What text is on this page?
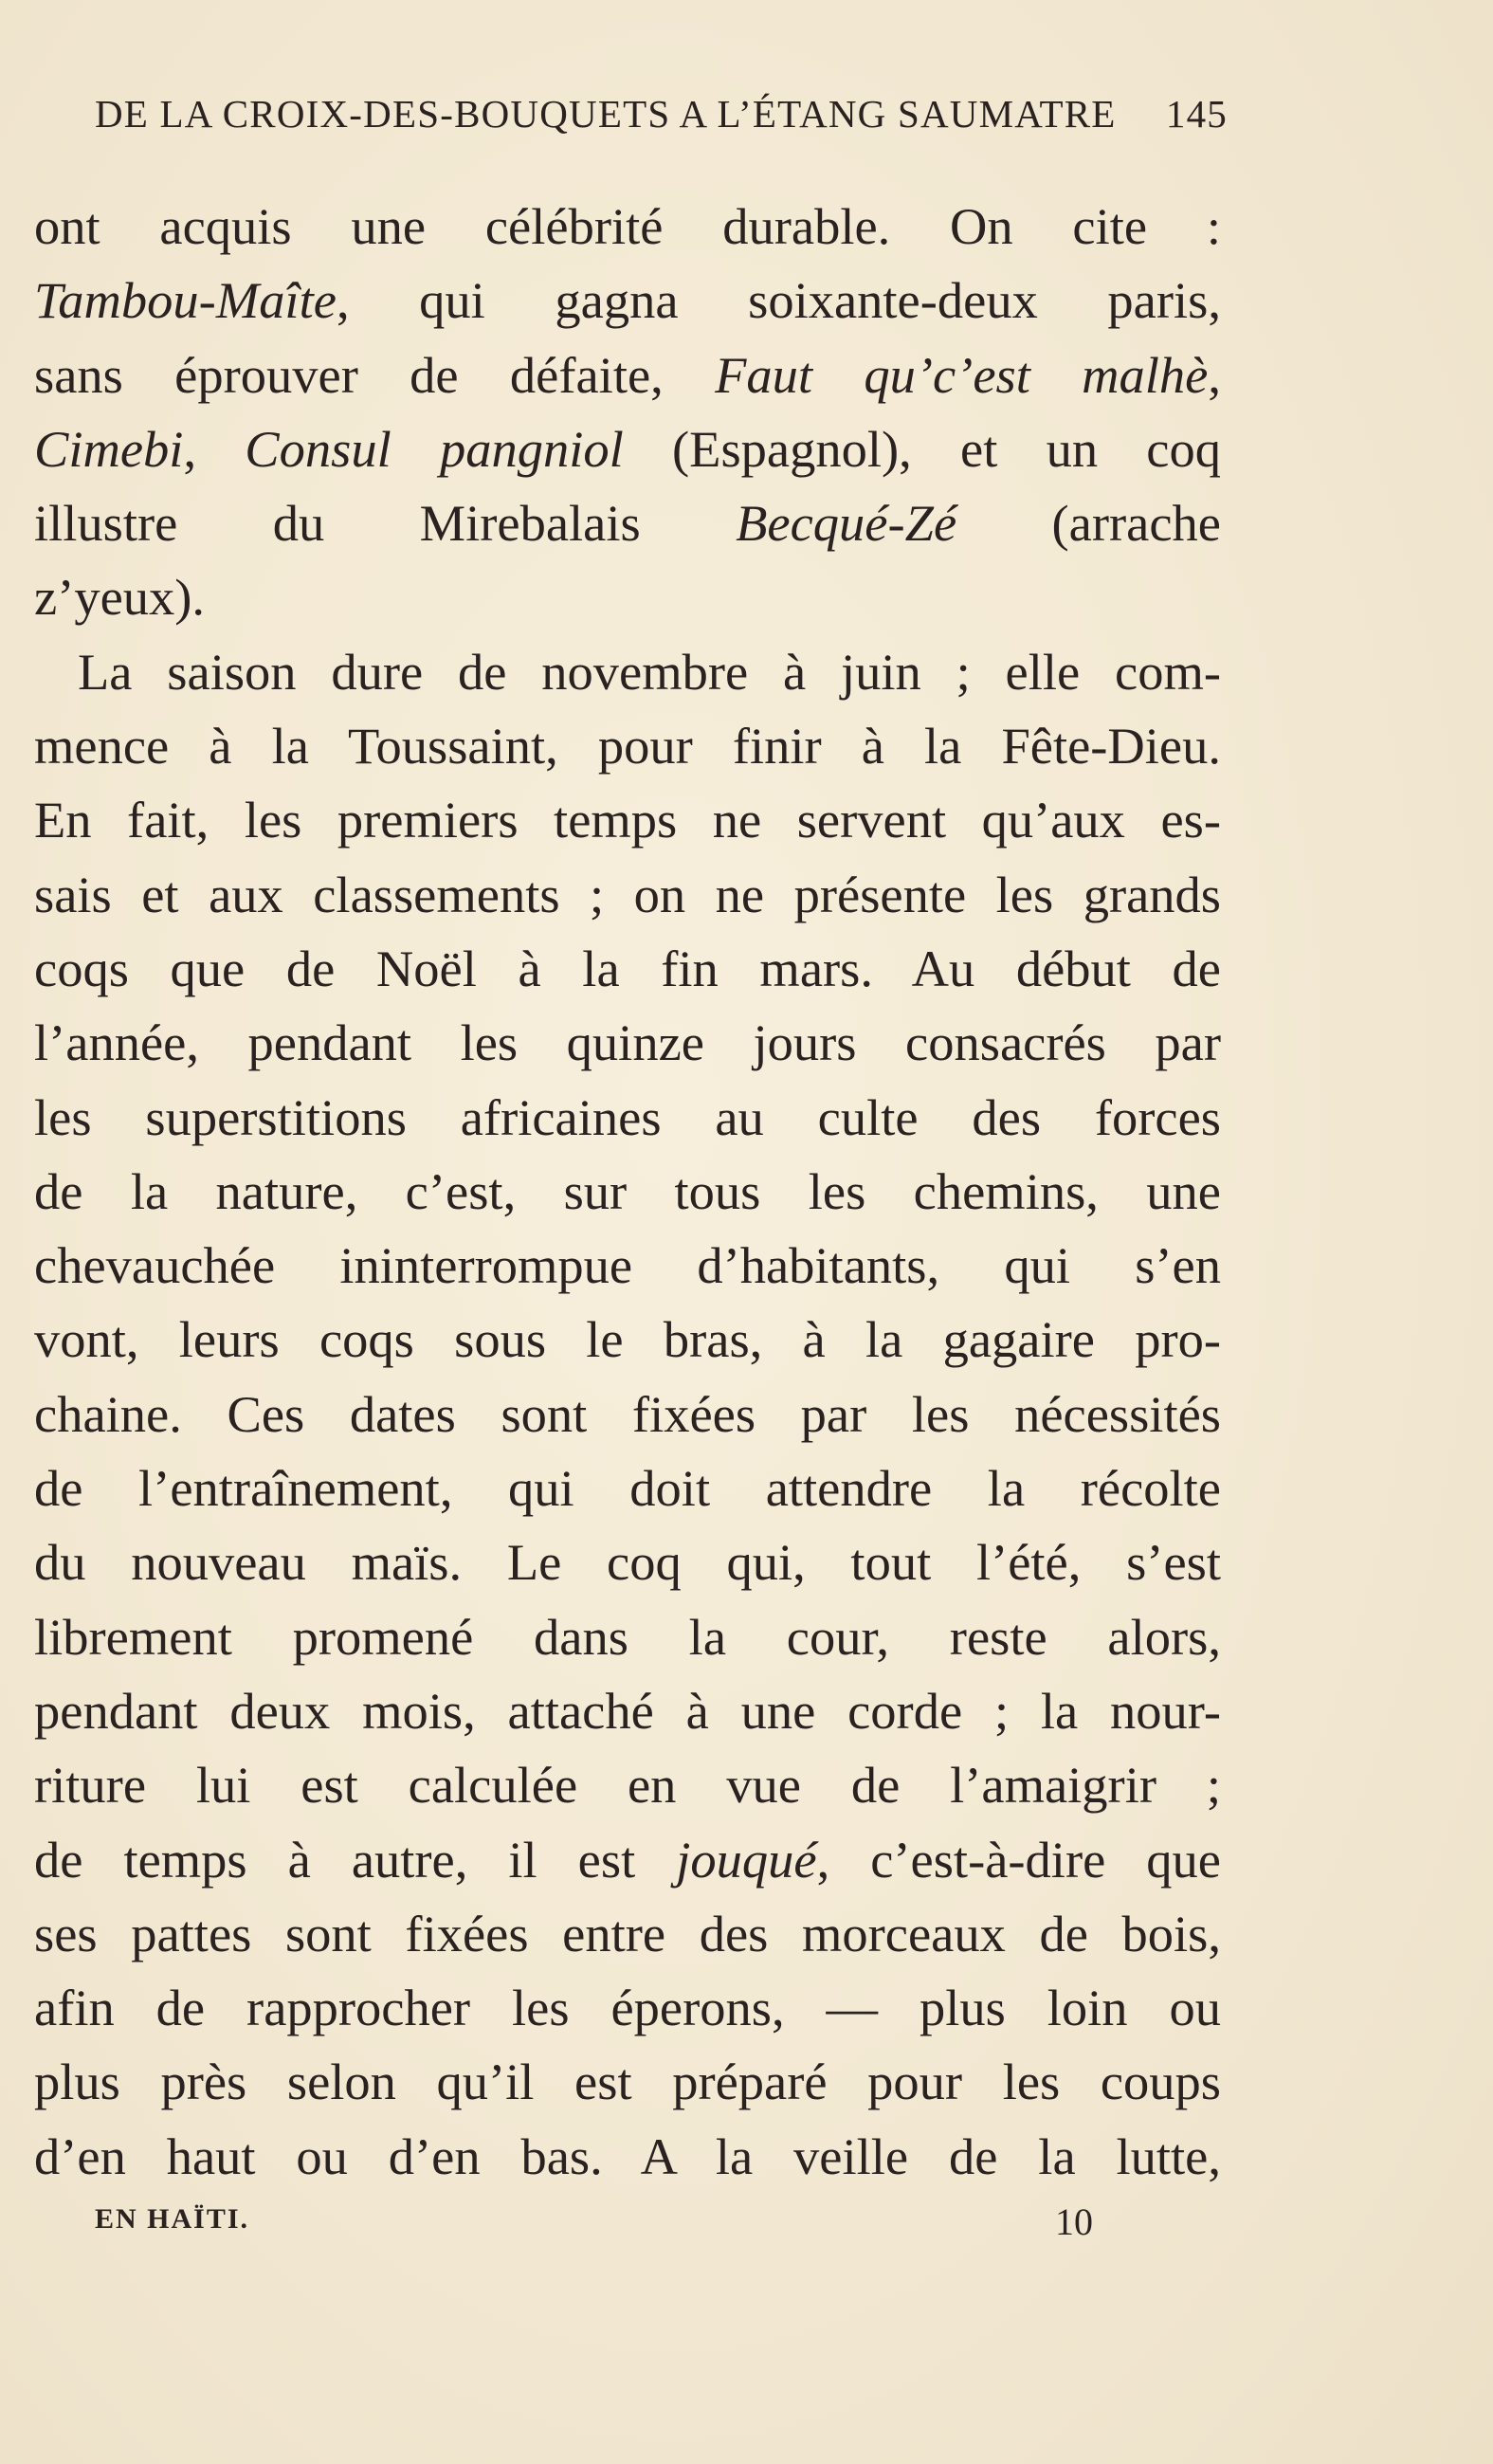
DE LA CROIX-DES-BOUQUETS A L’ÉTANG SAUMATRE 145
ont acquis une célébrité durable. On cite :
Tambou-Maîte, qui gagna soixante-deux paris,
sans éprouver de défaite, Faut qu’c’est malhè,
Cimebi, Consul pangniol (Espagnol), et un coq
illustre du Mirebalais Becqué-Zé (arrache
z’yeux).
La saison dure de novembre à juin ; elle com-
mence à la Toussaint, pour finir à la Fête-Dieu.
En fait, les premiers temps ne servent qu’aux es-
sais et aux classements ; on ne présente les grands
coqs que de Noël à la fin mars. Au début de
l’année, pendant les quinze jours consacrés par
les superstitions africaines au culte des forces
de la nature, c’est, sur tous les chemins, une
chevauchée ininterrompue d’habitants, qui s’en
vont, leurs coqs sous le bras, à la gagaire pro-
chaine. Ces dates sont fixées par les nécessités
de l’entraînement, qui doit attendre la récolte
du nouveau maïs. Le coq qui, tout l’été, s’est
librement promené dans la cour, reste alors,
pendant deux mois, attaché à une corde ; la nour-
riture lui est calculée en vue de l’amaigrir ;
de temps à autre, il est jouqué, c’est-à-dire que
ses pattes sont fixées entre des morceaux de bois,
afin de rapprocher les éperons, — plus loin ou
plus près selon qu’il est préparé pour les coups
d’en haut ou d’en bas. A la veille de la lutte,
EN HAÏTI.	10
